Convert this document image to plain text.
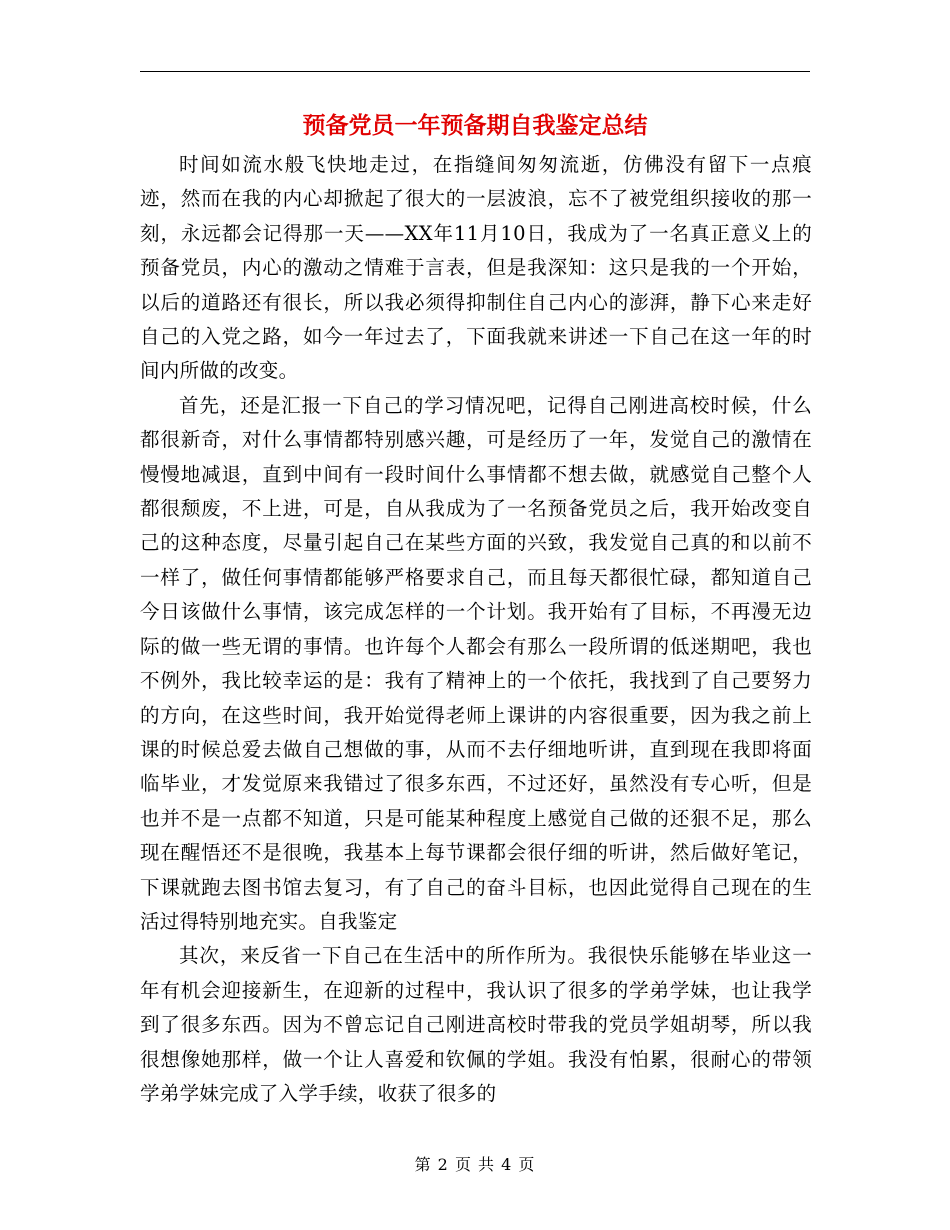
预备党员一年预备期自我鉴定总结

时间如流水般飞快地走过，在指缝间匆匆流逝，仿佛没有留下一点痕迹，然而在我的内心却掀起了很大的一层波浪，忘不了被党组织接收的那一刻，永远都会记得那一天——XX年11月10日，我成为了一名真正意义上的预备党员，内心的激动之情难于言表，但是我深知：这只是我的一个开始，以后的道路还有很长，所以我必须得抑制住自己内心的澎湃，静下心来走好自己的入党之路，如今一年过去了，下面我就来讲述一下自己在这一年的时间内所做的改变。

首先，还是汇报一下自己的学习情况吧，记得自己刚进高校时候，什么都很新奇，对什么事情都特别感兴趣，可是经历了一年，发觉自己的激情在慢慢地减退，直到中间有一段时间什么事情都不想去做，就感觉自己整个人都很颓废，不上进，可是，自从我成为了一名预备党员之后，我开始改变自己的这种态度，尽量引起自己在某些方面的兴致，我发觉自己真的和以前不一样了，做任何事情都能够严格要求自己，而且每天都很忙碌，都知道自己今日该做什么事情，该完成怎样的一个计划。我开始有了目标，不再漫无边际的做一些无谓的事情。也许每个人都会有那么一段所谓的低迷期吧，我也不例外，我比较幸运的是：我有了精神上的一个依托，我找到了自己要努力的方向，在这些时间，我开始觉得老师上课讲的内容很重要，因为我之前上课的时候总爱去做自己想做的事，从而不去仔细地听讲，直到现在我即将面临毕业，才发觉原来我错过了很多东西，不过还好，虽然没有专心听，但是也并不是一点都不知道，只是可能某种程度上感觉自己做的还狠不足，那么现在醒悟还不是很晚，我基本上每节课都会很仔细的听讲，然后做好笔记，下课就跑去图书馆去复习，有了自己的奋斗目标，也因此觉得自己现在的生活过得特别地充实。自我鉴定

其次，来反省一下自己在生活中的所作所为。我很快乐能够在毕业这一年有机会迎接新生，在迎新的过程中，我认识了很多的学弟学妹，也让我学到了很多东西。因为不曾忘记自己刚进高校时带我的党员学姐胡琴，所以我很想像她那样，做一个让人喜爱和钦佩的学姐。我没有怕累，很耐心的带领学弟学妹完成了入学手续，收获了很多的

第 2 页 共 4 页
